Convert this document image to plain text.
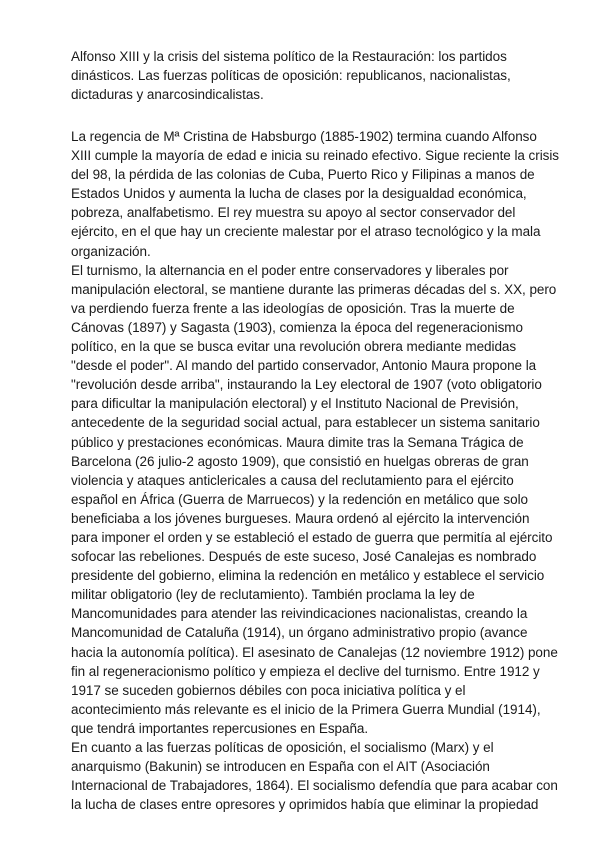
Alfonso XIII y la crisis del sistema político de la Restauración: los partidos
dinásticos. Las fuerzas políticas de oposición: republicanos, nacionalistas,
dictaduras y anarcosindicalistas.
La regencia de Mª Cristina de Habsburgo (1885-1902) termina cuando Alfonso
XIII cumple la mayoría de edad e inicia su reinado efectivo. Sigue reciente la crisis
del 98, la pérdida de las colonias de Cuba, Puerto Rico y Filipinas a manos de
Estados Unidos y aumenta la lucha de clases por la desigualdad económica,
pobreza, analfabetismo. El rey muestra su apoyo al sector conservador del
ejército, en el que hay un creciente malestar por el atraso tecnológico y la mala
organización.
El turnismo, la alternancia en el poder entre conservadores y liberales por
manipulación electoral, se mantiene durante las primeras décadas del s. XX, pero
va perdiendo fuerza frente a las ideologías de oposición. Tras la muerte de
Cánovas (1897) y Sagasta (1903), comienza la época del regeneracionismo
político, en la que se busca evitar una revolución obrera mediante medidas
"desde el poder". Al mando del partido conservador, Antonio Maura propone la
"revolución desde arriba", instaurando la Ley electoral de 1907 (voto obligatorio
para dificultar la manipulación electoral) y el Instituto Nacional de Previsión,
antecedente de la seguridad social actual, para establecer un sistema sanitario
público y prestaciones económicas. Maura dimite tras la Semana Trágica de
Barcelona (26 julio-2 agosto 1909), que consistió en huelgas obreras de gran
violencia y ataques anticlericales a causa del reclutamiento para el ejército
español en África (Guerra de Marruecos) y la redención en metálico que solo
beneficiaba a los jóvenes burgueses. Maura ordenó al ejército la intervención
para imponer el orden y se estableció el estado de guerra que permitía al ejército
sofocar las rebeliones. Después de este suceso, José Canalejas es nombrado
presidente del gobierno, elimina la redención en metálico y establece el servicio
militar obligatorio (ley de reclutamiento). También proclama la ley de
Mancomunidades para atender las reivindicaciones nacionalistas, creando la
Mancomunidad de Cataluña (1914), un órgano administrativo propio (avance
hacia la autonomía política). El asesinato de Canalejas (12 noviembre 1912) pone
fin al regeneracionismo político y empieza el declive del turnismo. Entre 1912 y
1917 se suceden gobiernos débiles con poca iniciativa política y el
acontecimiento más relevante es el inicio de la Primera Guerra Mundial (1914),
que tendrá importantes repercusiones en España.
En cuanto a las fuerzas políticas de oposición, el socialismo (Marx) y el
anarquismo (Bakunin) se introducen en España con el AIT (Asociación
Internacional de Trabajadores, 1864). El socialismo defendía que para acabar con
la lucha de clases entre opresores y oprimidos había que eliminar la propiedad
